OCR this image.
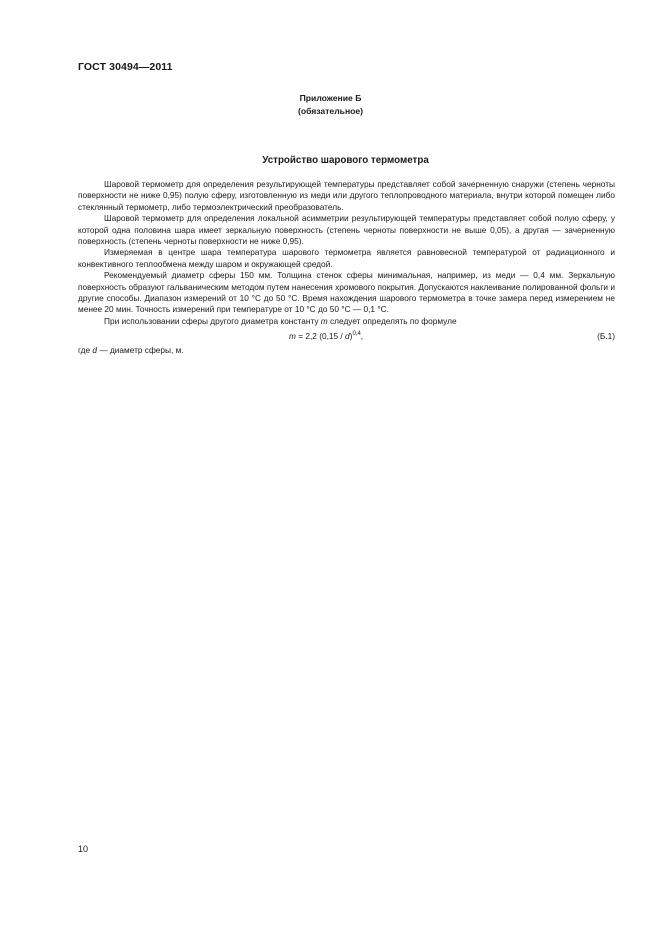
ГОСТ 30494—2011
Приложение Б
(обязательное)
Устройство шарового термометра

Шаровой термометр для определения результирующей температуры представляет собой зачерненную снаружи (степень черноты поверхности не ниже 0,95) полую сферу, изготовленную из меди или другого теплопроводного материала, внутри которой помещен либо стеклянный термометр, либо термоэлектрический преобразователь.

Шаровой термометр для определения локальной асимметрии результирующей температуры представляет собой полую сферу, у которой одна половина шара имеет зеркальную поверхность (степень черноты поверхности не выше 0,05), а другая — зачерненную поверхность (степень черноты поверхности не ниже 0,95).

Измеряемая в центре шара температура шарового термометра является равновесной температурой от радиационного и конвективного теплообмена между шаром и окружающей средой.

Рекомендуемый диаметр сферы 150 мм. Толщина стенок сферы минимальная, например, из меди — 0,4 мм. Зеркальную поверхность образуют гальваническим методом путем нанесения хромового покрытия. Допускаются наклеивание полированной фольги и другие способы. Диапазон измерений от 10 °С до 50 °С. Время нахождения шарового термометра в точке замера перед измерением не менее 20 мин. Точность измерений при температуре от 10 °С до 50 °С — 0,1 °С.

При использовании сферы другого диаметра константу m следует определять по формуле

m = 2,2 (0,15 / d)$^{0,4}$,	(Б.1)
где d — диаметр сферы, м.
10
